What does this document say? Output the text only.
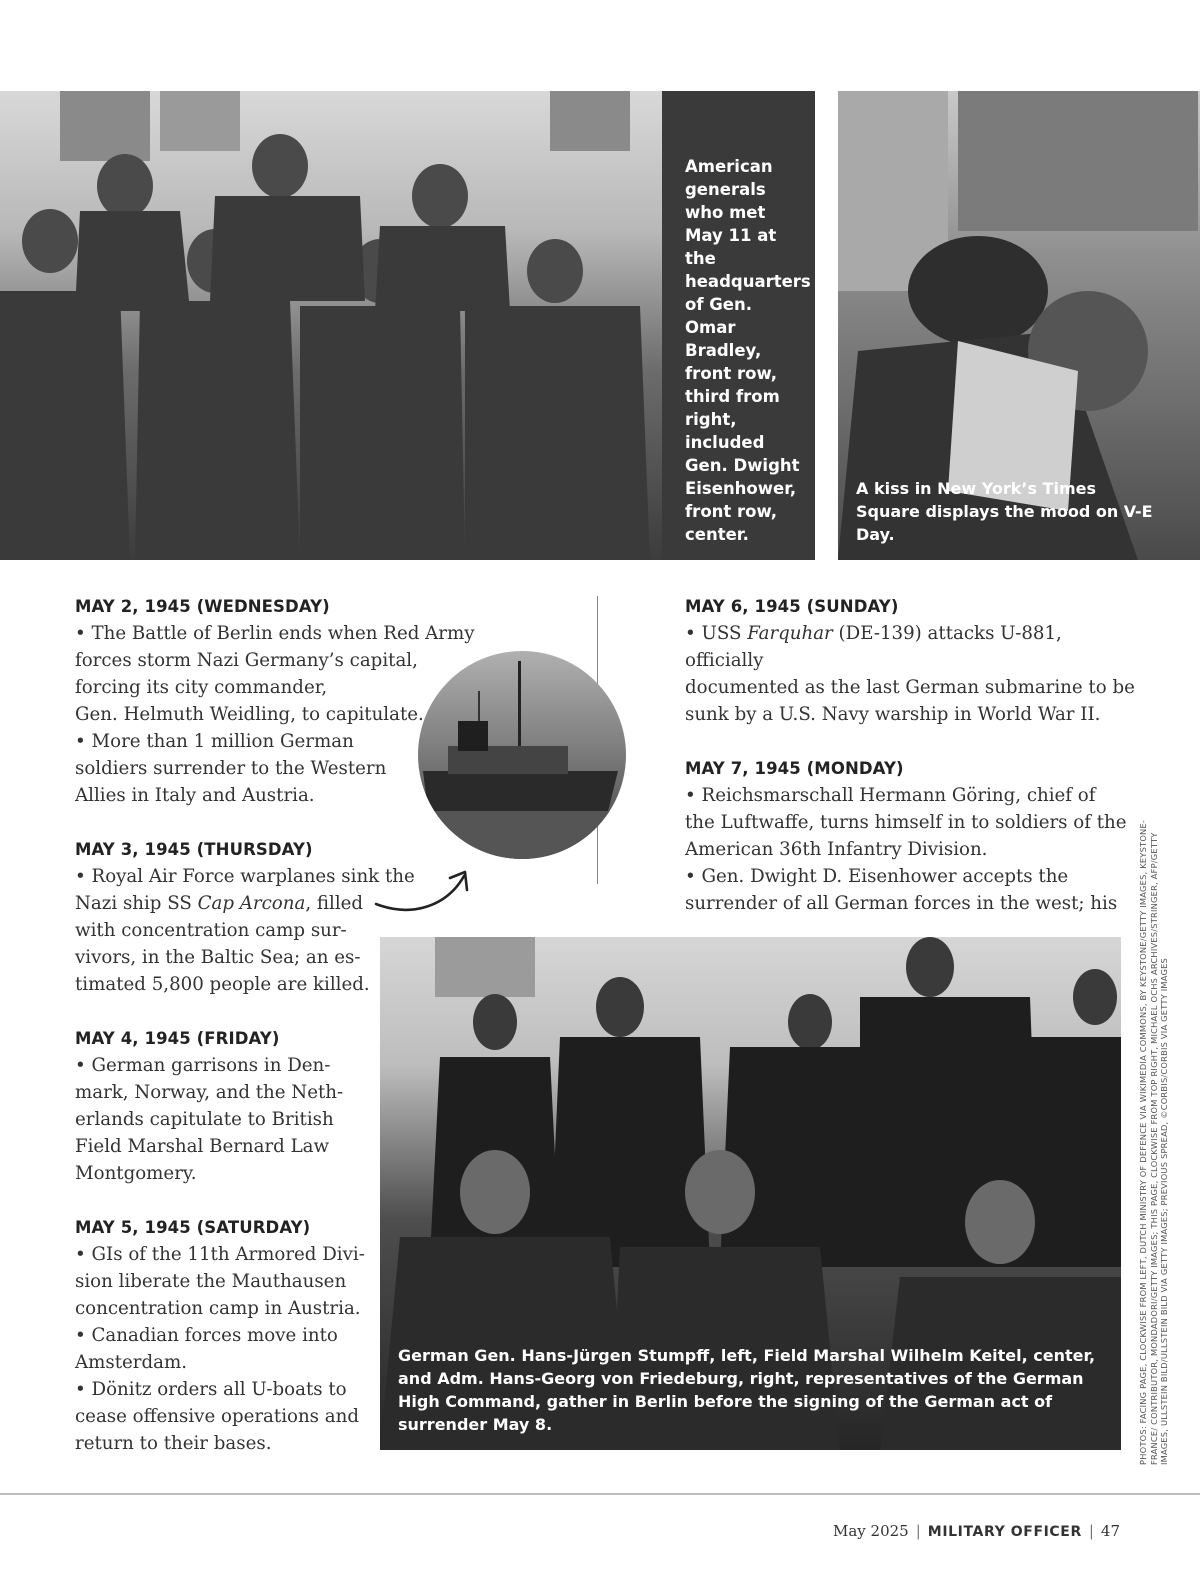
American generals who met May 11 at the headquarters of Gen. Omar Bradley, front row, third from right, included Gen. Dwight Eisenhower, front row, center.
A kiss in New York’s Times Square displays the mood on V-E Day.
MAY 2, 1945 (WEDNESDAY)
• The Battle of Berlin ends when Red Army
forces storm Nazi Germany’s capital,
forcing its city commander,
Gen. Helmuth Weidling, to capitulate.
• More than 1 million German
soldiers surrender to the Western
Allies in Italy and Austria.
MAY 3, 1945 (THURSDAY)
• Royal Air Force warplanes sink the
Nazi ship SS Cap Arcona, filled
with concentration camp sur-
vivors, in the Baltic Sea; an es-
timated 5,800 people are killed.
MAY 4, 1945 (FRIDAY)
• German garrisons in Den-
mark, Norway, and the Neth-
erlands capitulate to British
Field Marshal Bernard Law
Montgomery.
MAY 5, 1945 (SATURDAY)
• GIs of the 11th Armored Divi-
sion liberate the Mauthausen
concentration camp in Austria.
• Canadian forces move into
Amsterdam.
• Dönitz orders all U-boats to
cease offensive operations and
return to their bases.
MAY 6, 1945 (SUNDAY)
• USS Farquhar (DE-139) attacks U-881, officially
documented as the last German submarine to be
sunk by a U.S. Navy warship in World War II.
MAY 7, 1945 (MONDAY)
• Reichsmarschall Hermann Göring, chief of
the Luftwaffe, turns himself in to soldiers of the
American 36th Infantry Division.
• Gen. Dwight D. Eisenhower accepts the
surrender of all German forces in the west; his
German Gen. Hans-Jürgen Stumpff, left, Field Marshal Wilhelm Keitel, center, and Adm. Hans-Georg von Friedeburg, right, representatives of the German High Command, gather in Berlin before the signing of the German act of surrender May 8.	PHOTOS: FACING PAGE, CLOCKWISE FROM LEFT, DUTCH MINISTRY OF DEFENCE VIA WIKIMEDIA COMMONS, BY KEYSTONE/GETTY IMAGES, KEYSTONE-FRANCE/ CONTRIBUTOR, MONDADORI/GETTY IMAGES; THIS PAGE, CLOCKWISE FROM TOP RIGHT, MICHAEL OCHS ARCHIVES/STRINGER, AFP/GETTY IMAGES, ULLSTEIN BILD/ULLSTEIN BILD VIA GETTY IMAGES; PREVIOUS SPREAD, ©CORBIS/CORBIS VIA GETTY IMAGES
May 2025 | MILITARY OFFICER | 47
